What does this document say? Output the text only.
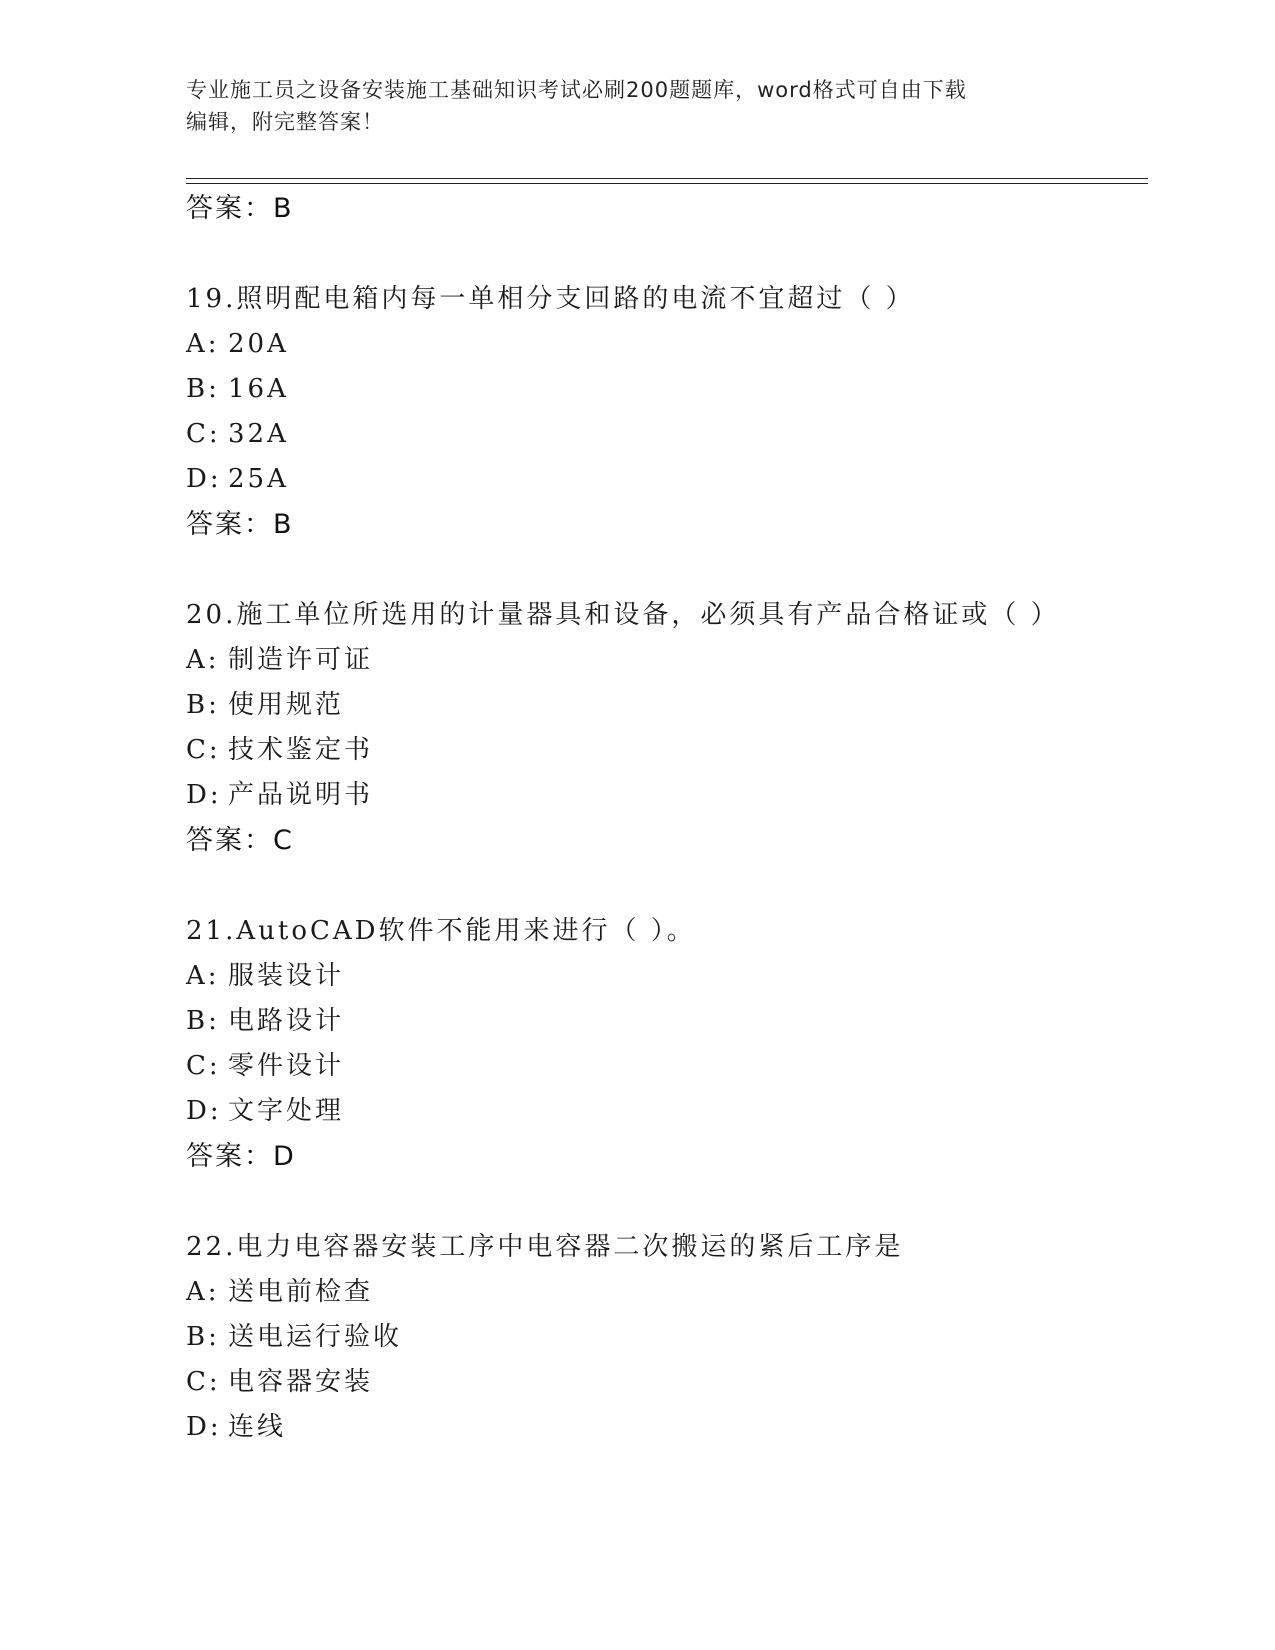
专业施工员之设备安装施工基础知识考试必刷200题题库，word格式可自由下载
编辑，附完整答案！
答案：B
19.照明配电箱内每一单相分支回路的电流不宜超过（ ）
A: 20A
B: 16A
C: 32A
D: 25A
答案：B
20.施工单位所选用的计量器具和设备，必须具有产品合格证或（ ）
A: 制造许可证
B: 使用规范
C: 技术鉴定书
D: 产品说明书
答案：C
21.AutoCAD软件不能用来进行（ ）。
A: 服装设计
B: 电路设计
C: 零件设计
D: 文字处理
答案：D
22.电力电容器安装工序中电容器二次搬运的紧后工序是
A: 送电前检查
B: 送电运行验收
C: 电容器安装
D: 连线
